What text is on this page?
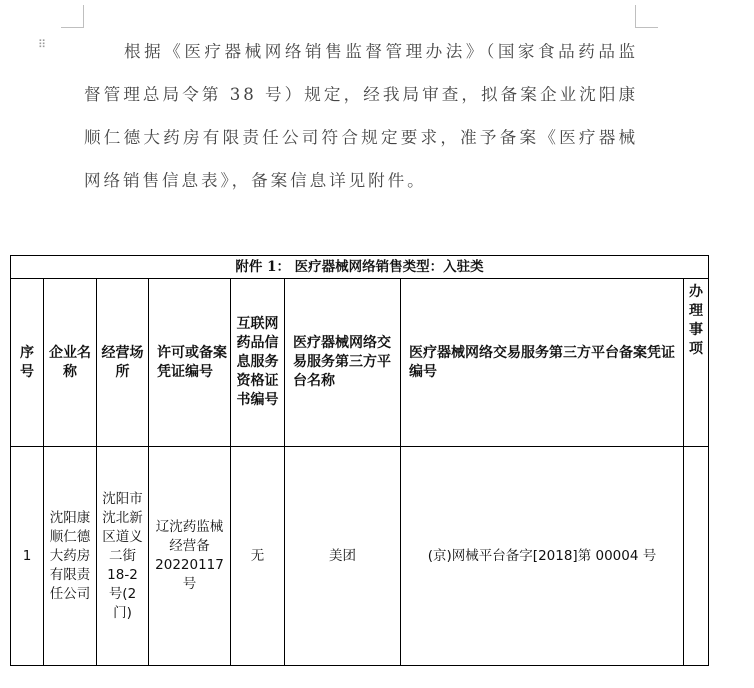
⠿	根据《医疗器械网络销售监督管理办法》（国家食品药品监督管理总局令第 38 号）规定，经我局审查，拟备案企业沈阳康顺仁德大药房有限责任公司符合规定要求，准予备案《医疗器械网络销售信息表》，备案信息详见附件。

附件 1： 医疗器械网络销售类型：入驻类							
序号	企业名称	经营场所	许可或备案凭证编号	互联网药品信息服务资格证书编号	医疗器械网络交易服务第三方平台名称	医疗器械网络交易服务第三方平台备案凭证编号	办理事项
1	沈阳康顺仁德大药房有限责任公司	沈阳市沈北新区道义二街 18-2 号(2 门)	辽沈药监械经营备 20220117 号	无	美团	(京)网械平台备字[2018]第 00004 号	
